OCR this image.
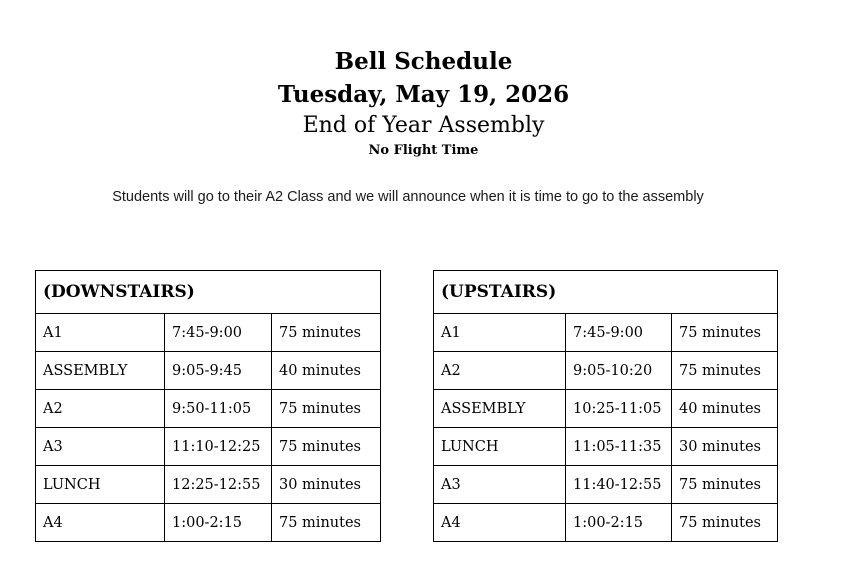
Bell Schedule

Tuesday, May 19, 2026

End of Year Assembly

No Flight Time

Students will go to their A2 Class and we will announce when it is time to go to the assembly
(DOWNSTAIRS)		
A1	7:45-9:00	75 minutes
ASSEMBLY	9:05-9:45	40 minutes
A2	9:50-11:05	75 minutes
A3	11:10-12:25	75 minutes
LUNCH	12:25-12:55	30 minutes
A4	1:00-2:15	75 minutes
(UPSTAIRS)		
A1	7:45-9:00	75 minutes
A2	9:05-10:20	75 minutes
ASSEMBLY	10:25-11:05	40 minutes
LUNCH	11:05-11:35	30 minutes
A3	11:40-12:55	75 minutes
A4	1:00-2:15	75 minutes
